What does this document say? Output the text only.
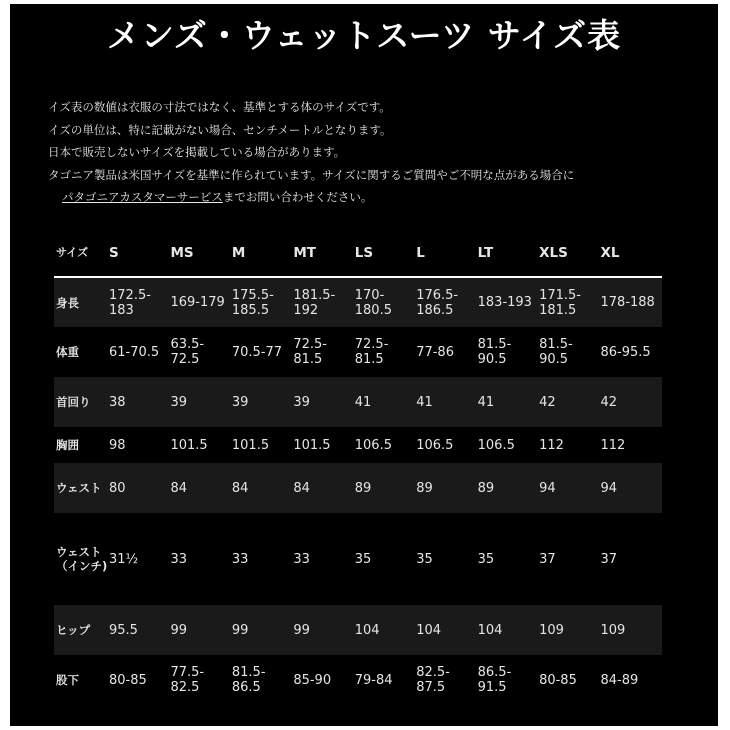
メンズ・ウェットスーツ サイズ表
イズ表の数値は衣服の寸法ではなく、基準とする体のサイズです。
イズの単位は、特に記載がない場合、センチメートルとなります。
日本で販売しないサイズを掲載している場合があります。
タゴニア製品は米国サイズを基準に作られています。サイズに関するご質問やご不明な点がある場合に
パタゴニアカスタマーサービスまでお問い合わせください。
サイズ	S	MS	M	MT	LS	L	LT	XLS	XL
身長	172.5-183	169-179	175.5-185.5	181.5-192	170-180.5	176.5-186.5	183-193	171.5-181.5	178-188
体重	61-70.5	63.5-72.5	70.5-77	72.5-81.5	72.5-81.5	77-86	81.5-90.5	81.5-90.5	86-95.5
首回り	38	39	39	39	41	41	41	42	42
胸囲	98	101.5	101.5	101.5	106.5	106.5	106.5	112	112
ウェスト	80	84	84	84	89	89	89	94	94
ウェスト（インチ)	31½	33	33	33	35	35	35	37	37
ヒップ	95.5	99	99	99	104	104	104	109	109
股下	80-85	77.5-82.5	81.5-86.5	85-90	79-84	82.5-87.5	86.5-91.5	80-85	84-89
